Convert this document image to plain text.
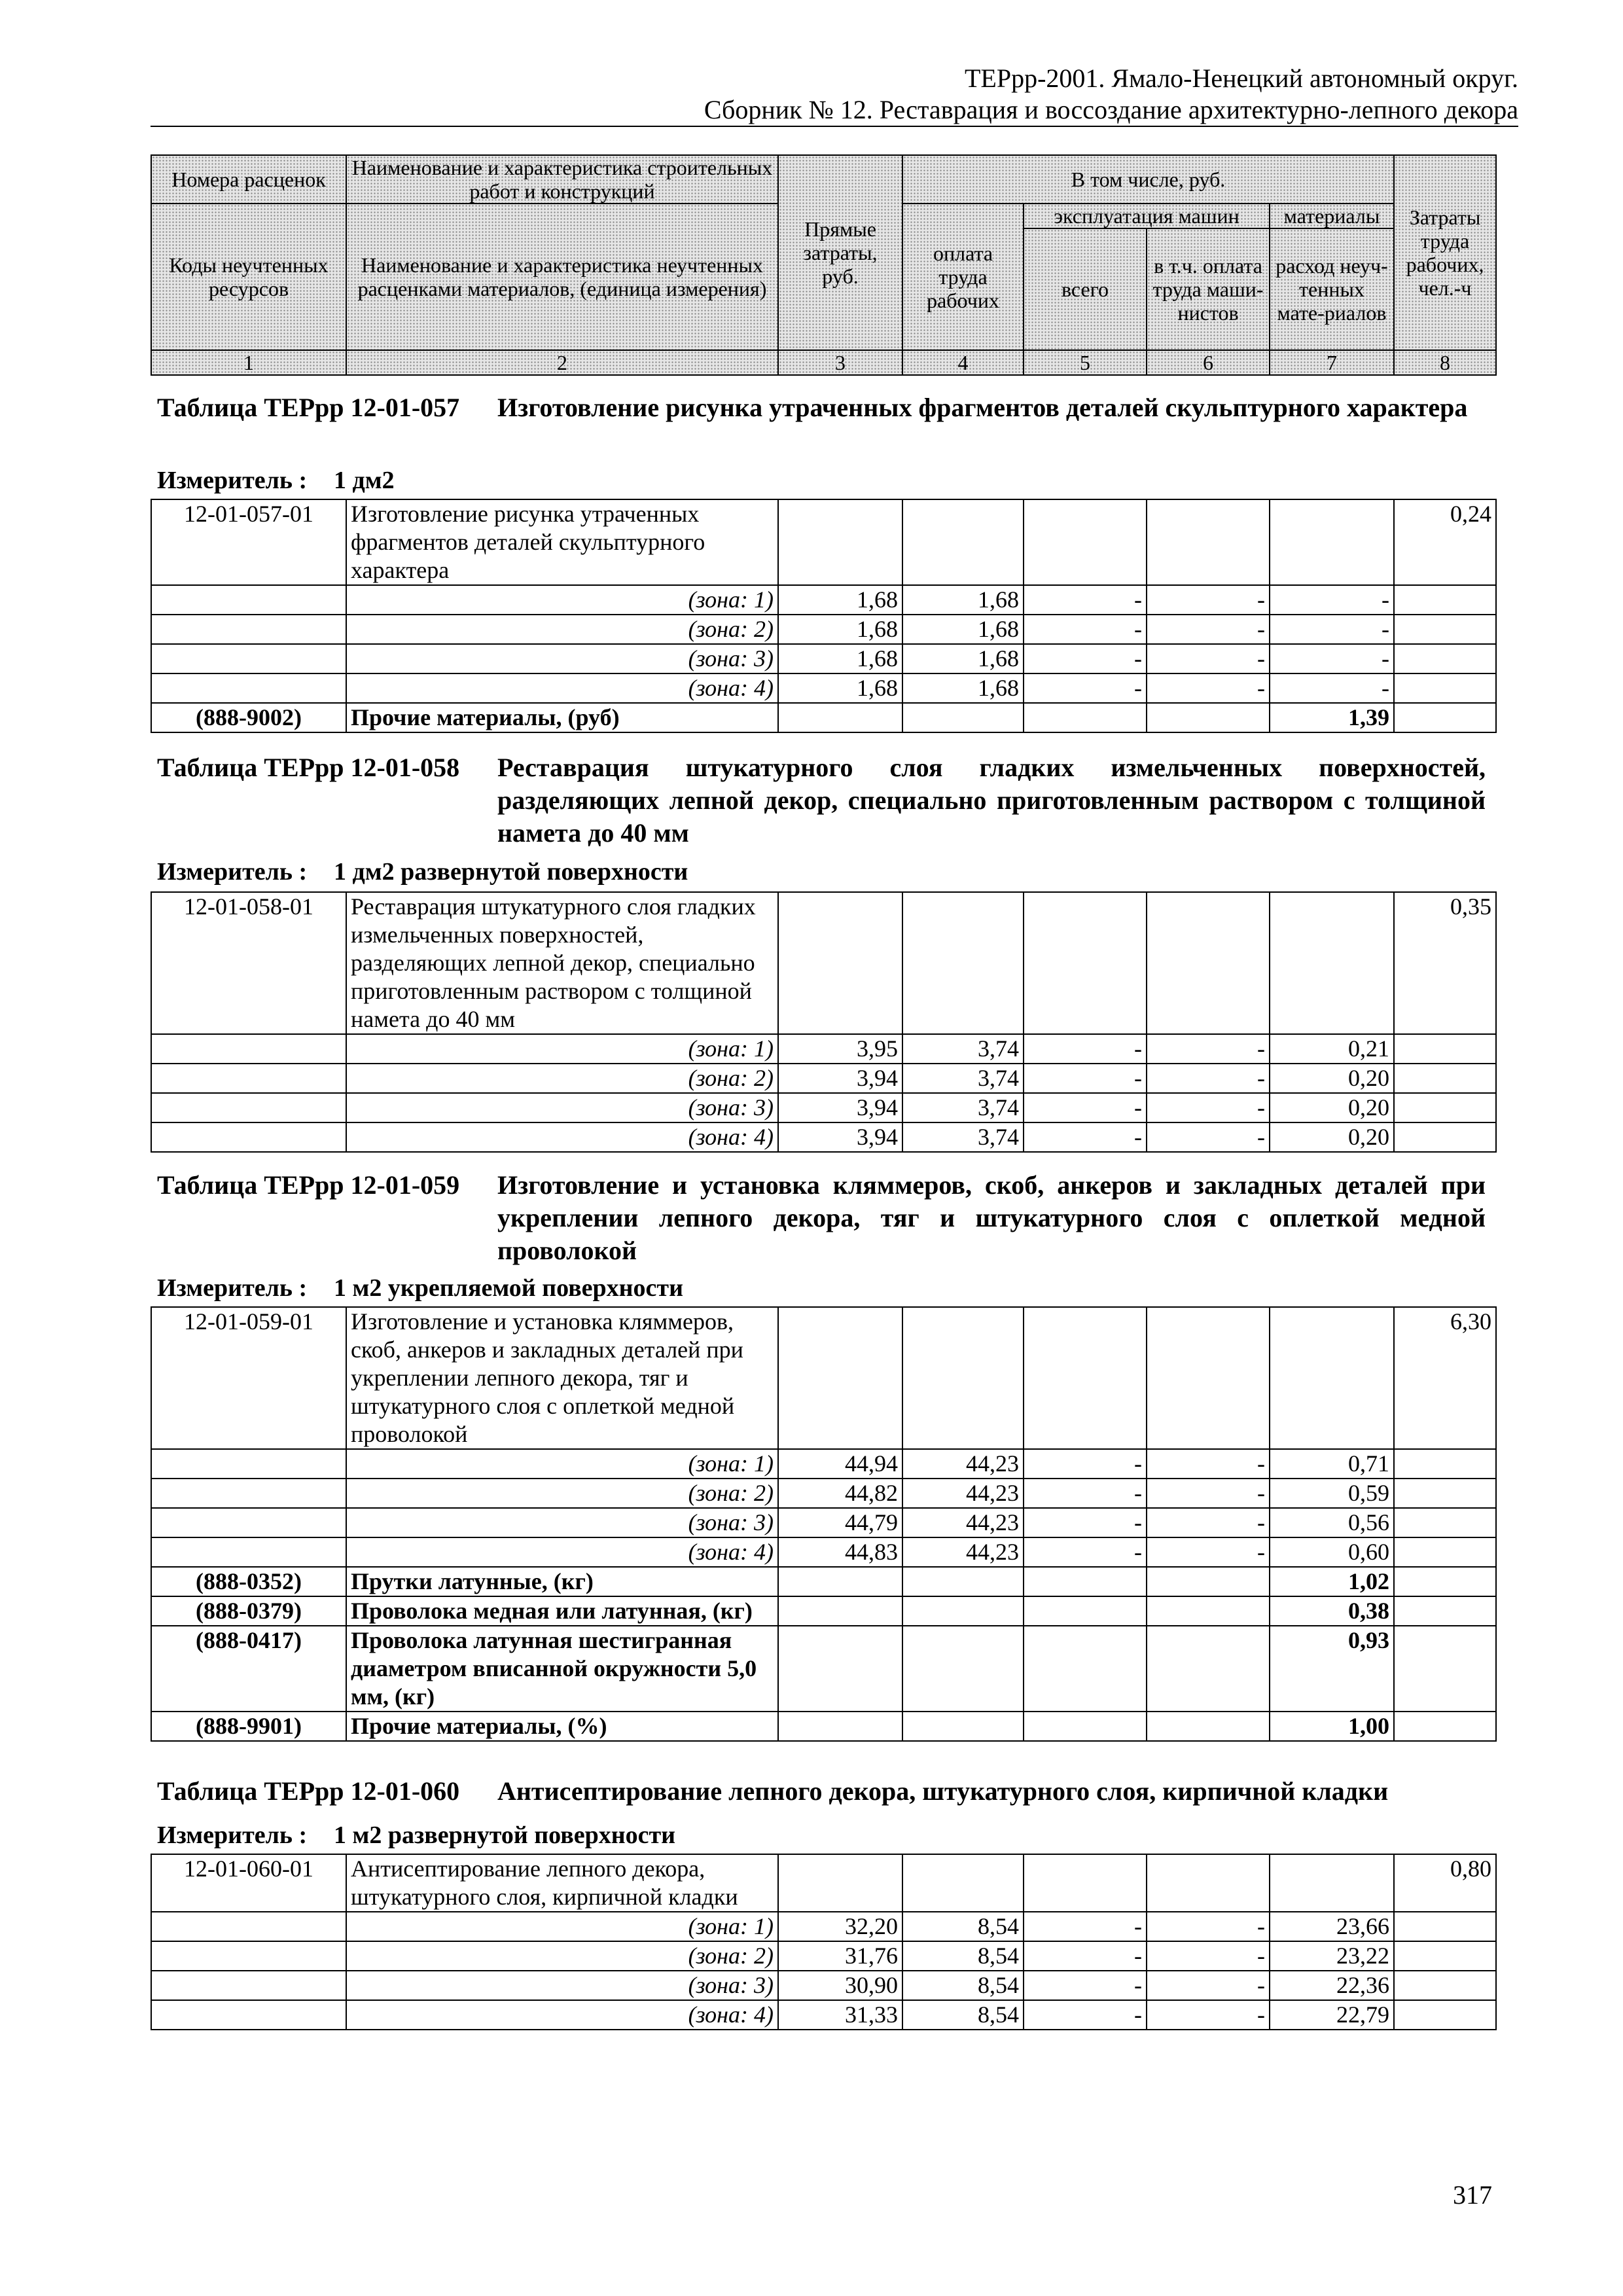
ТЕРрр-2001. Ямало-Ненецкий автономный округ.
Сборник № 12. Реставрация и воссоздание архитектурно-лепного декора
Номера расценок	Наименование и характеристика строительных работ и конструкций	Прямые затраты, руб.	В том числе, руб.				Затраты труда рабочих, чел.-ч
Коды неучтенных ресурсов	Наименование и характеристика неучтенных расценками материалов, (единица измерения)		оплата труда рабочих	эксплуатация машин		материалы	
				всего	в т.ч. оплата труда маши-нистов	расход неуч-тенных мате-риалов	
1	2	3	4	5	6	7	8
Таблица ТЕРрр 12-01-057 Изготовление рисунка утраченных фрагментов деталей скульптурного характера
Измеритель : 1 дм2
12-01-057-01	Изготовление рисунка утраченных фрагментов деталей скульптурного характера						0,24
	(зона: 1)	1,68	1,68	-	-	-	
	(зона: 2)	1,68	1,68	-	-	-	
	(зона: 3)	1,68	1,68	-	-	-	
	(зона: 4)	1,68	1,68	-	-	-	
(888-9002)	Прочие материалы, (руб)					1,39	
Таблица ТЕРрр 12-01-058 Реставрация штукатурного слоя гладких измельченных поверхностей, разделяющих лепной декор, специально приготовленным раствором с толщиной намета до 40 мм
Измеритель : 1 дм2 развернутой поверхности
12-01-058-01	Реставрация штукатурного слоя гладких измельченных поверхностей, разделяющих лепной декор, специально приготовленным раствором с толщиной намета до 40 мм						0,35
	(зона: 1)	3,95	3,74	-	-	0,21	
	(зона: 2)	3,94	3,74	-	-	0,20	
	(зона: 3)	3,94	3,74	-	-	0,20	
	(зона: 4)	3,94	3,74	-	-	0,20	
Таблица ТЕРрр 12-01-059 Изготовление и установка кляммеров, скоб, анкеров и закладных деталей при укреплении лепного декора, тяг и штукатурного слоя с оплеткой медной проволокой
Измеритель : 1 м2 укрепляемой поверхности
12-01-059-01	Изготовление и установка кляммеров, скоб, анкеров и закладных деталей при укреплении лепного декора, тяг и штукатурного слоя с оплеткой медной проволокой						6,30
	(зона: 1)	44,94	44,23	-	-	0,71	
	(зона: 2)	44,82	44,23	-	-	0,59	
	(зона: 3)	44,79	44,23	-	-	0,56	
	(зона: 4)	44,83	44,23	-	-	0,60	
(888-0352)	Прутки латунные, (кг)					1,02	
(888-0379)	Проволока медная или латунная, (кг)					0,38	
(888-0417)	Проволока латунная шестигранная диаметром вписанной окружности 5,0 мм, (кг)					0,93	
(888-9901)	Прочие материалы, (%)					1,00	
Таблица ТЕРрр 12-01-060 Антисептирование лепного декора, штукатурного слоя, кирпичной кладки
Измеритель : 1 м2 развернутой поверхности
12-01-060-01	Антисептирование лепного декора, штукатурного слоя, кирпичной кладки						0,80
	(зона: 1)	32,20	8,54	-	-	23,66	
	(зона: 2)	31,76	8,54	-	-	23,22	
	(зона: 3)	30,90	8,54	-	-	22,36	
	(зона: 4)	31,33	8,54	-	-	22,79	
317
